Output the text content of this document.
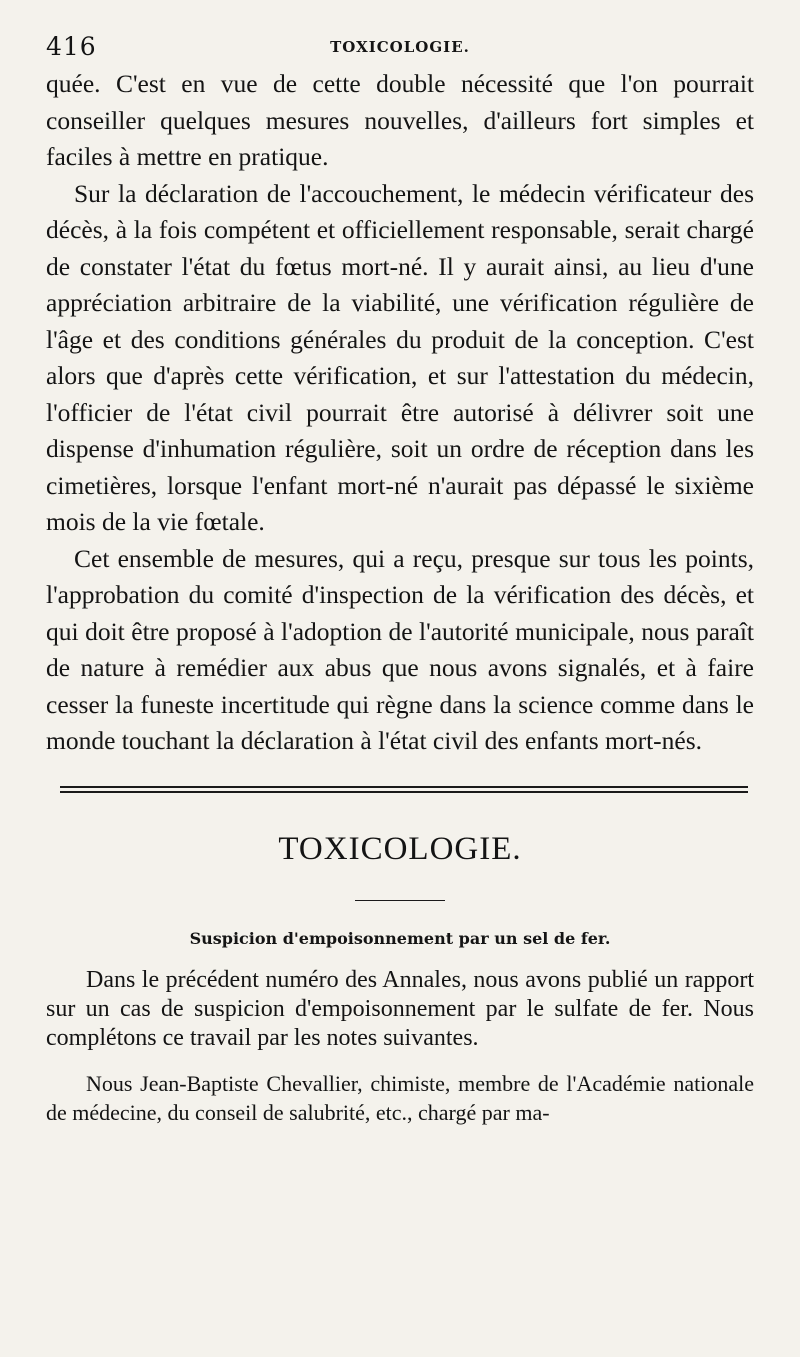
416	TOXICOLOGIE.

quée. C'est en vue de cette double nécessité que l'on pourrait conseiller quelques mesures nouvelles, d'ailleurs fort simples et faciles à mettre en pratique.

Sur la déclaration de l'accouchement, le médecin vérificateur des décès, à la fois compétent et officiellement responsable, serait chargé de constater l'état du fœtus mort-né. Il y aurait ainsi, au lieu d'une appréciation arbitraire de la viabilité, une vérification régulière de l'âge et des conditions générales du produit de la conception. C'est alors que d'après cette vérification, et sur l'attestation du médecin, l'officier de l'état civil pourrait être autorisé à délivrer soit une dispense d'inhumation régulière, soit un ordre de réception dans les cimetières, lorsque l'enfant mort-né n'aurait pas dépassé le sixième mois de la vie fœtale.

Cet ensemble de mesures, qui a reçu, presque sur tous les points, l'approbation du comité d'inspection de la vérification des décès, et qui doit être proposé à l'adoption de l'autorité municipale, nous paraît de nature à remédier aux abus que nous avons signalés, et à faire cesser la funeste incertitude qui règne dans la science comme dans le monde touchant la déclaration à l'état civil des enfants mort-nés.

TOXICOLOGIE.
Suspicion d'empoisonnement par un sel de fer.

Dans le précédent numéro des Annales, nous avons publié un rapport sur un cas de suspicion d'empoisonnement par le sulfate de fer. Nous complétons ce travail par les notes suivantes.

Nous Jean-Baptiste Chevallier, chimiste, membre de l'Académie nationale de médecine, du conseil de salubrité, etc., chargé par ma-
